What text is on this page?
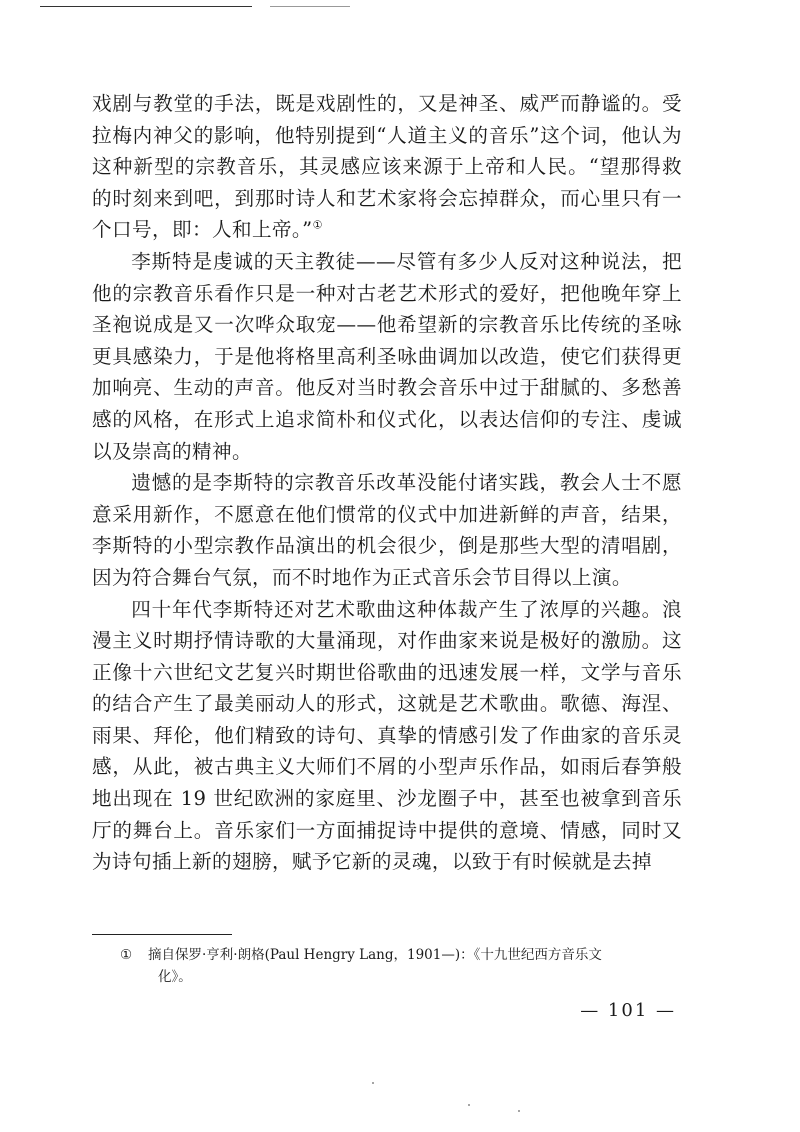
戏剧与教堂的手法，既是戏剧性的，又是神圣、威严而静谧的。受拉梅内神父的影响，他特别提到“人道主义的音乐”这个词，他认为这种新型的宗教音乐，其灵感应该来源于上帝和人民。“望那得救的时刻来到吧，到那时诗人和艺术家将会忘掉群众，而心里只有一个口号，即：人和上帝。”①

李斯特是虔诚的天主教徒——尽管有多少人反对这种说法，把他的宗教音乐看作只是一种对古老艺术形式的爱好，把他晚年穿上圣袍说成是又一次哗众取宠——他希望新的宗教音乐比传统的圣咏更具感染力，于是他将格里高利圣咏曲调加以改造，使它们获得更加响亮、生动的声音。他反对当时教会音乐中过于甜腻的、多愁善感的风格，在形式上追求简朴和仪式化，以表达信仰的专注、虔诚以及崇高的精神。

遗憾的是李斯特的宗教音乐改革没能付诸实践，教会人士不愿意采用新作，不愿意在他们惯常的仪式中加进新鲜的声音，结果，李斯特的小型宗教作品演出的机会很少，倒是那些大型的清唱剧，因为符合舞台气氛，而不时地作为正式音乐会节目得以上演。

四十年代李斯特还对艺术歌曲这种体裁产生了浓厚的兴趣。浪漫主义时期抒情诗歌的大量涌现，对作曲家来说是极好的激励。这正像十六世纪文艺复兴时期世俗歌曲的迅速发展一样，文学与音乐的结合产生了最美丽动人的形式，这就是艺术歌曲。歌德、海涅、雨果、拜伦，他们精致的诗句、真挚的情感引发了作曲家的音乐灵感，从此，被古典主义大师们不屑的小型声乐作品，如雨后春笋般地出现在 19 世纪欧洲的家庭里、沙龙圈子中，甚至也被拿到音乐厅的舞台上。音乐家们一方面捕捉诗中提供的意境、情感，同时又为诗句插上新的翅膀，赋予它新的灵魂，以致于有时候就是去掉

① 摘自保罗·亨利·朗格(Paul Hengry Lang，1901—)：《十九世纪西方音乐文
化》。

— 101 —
